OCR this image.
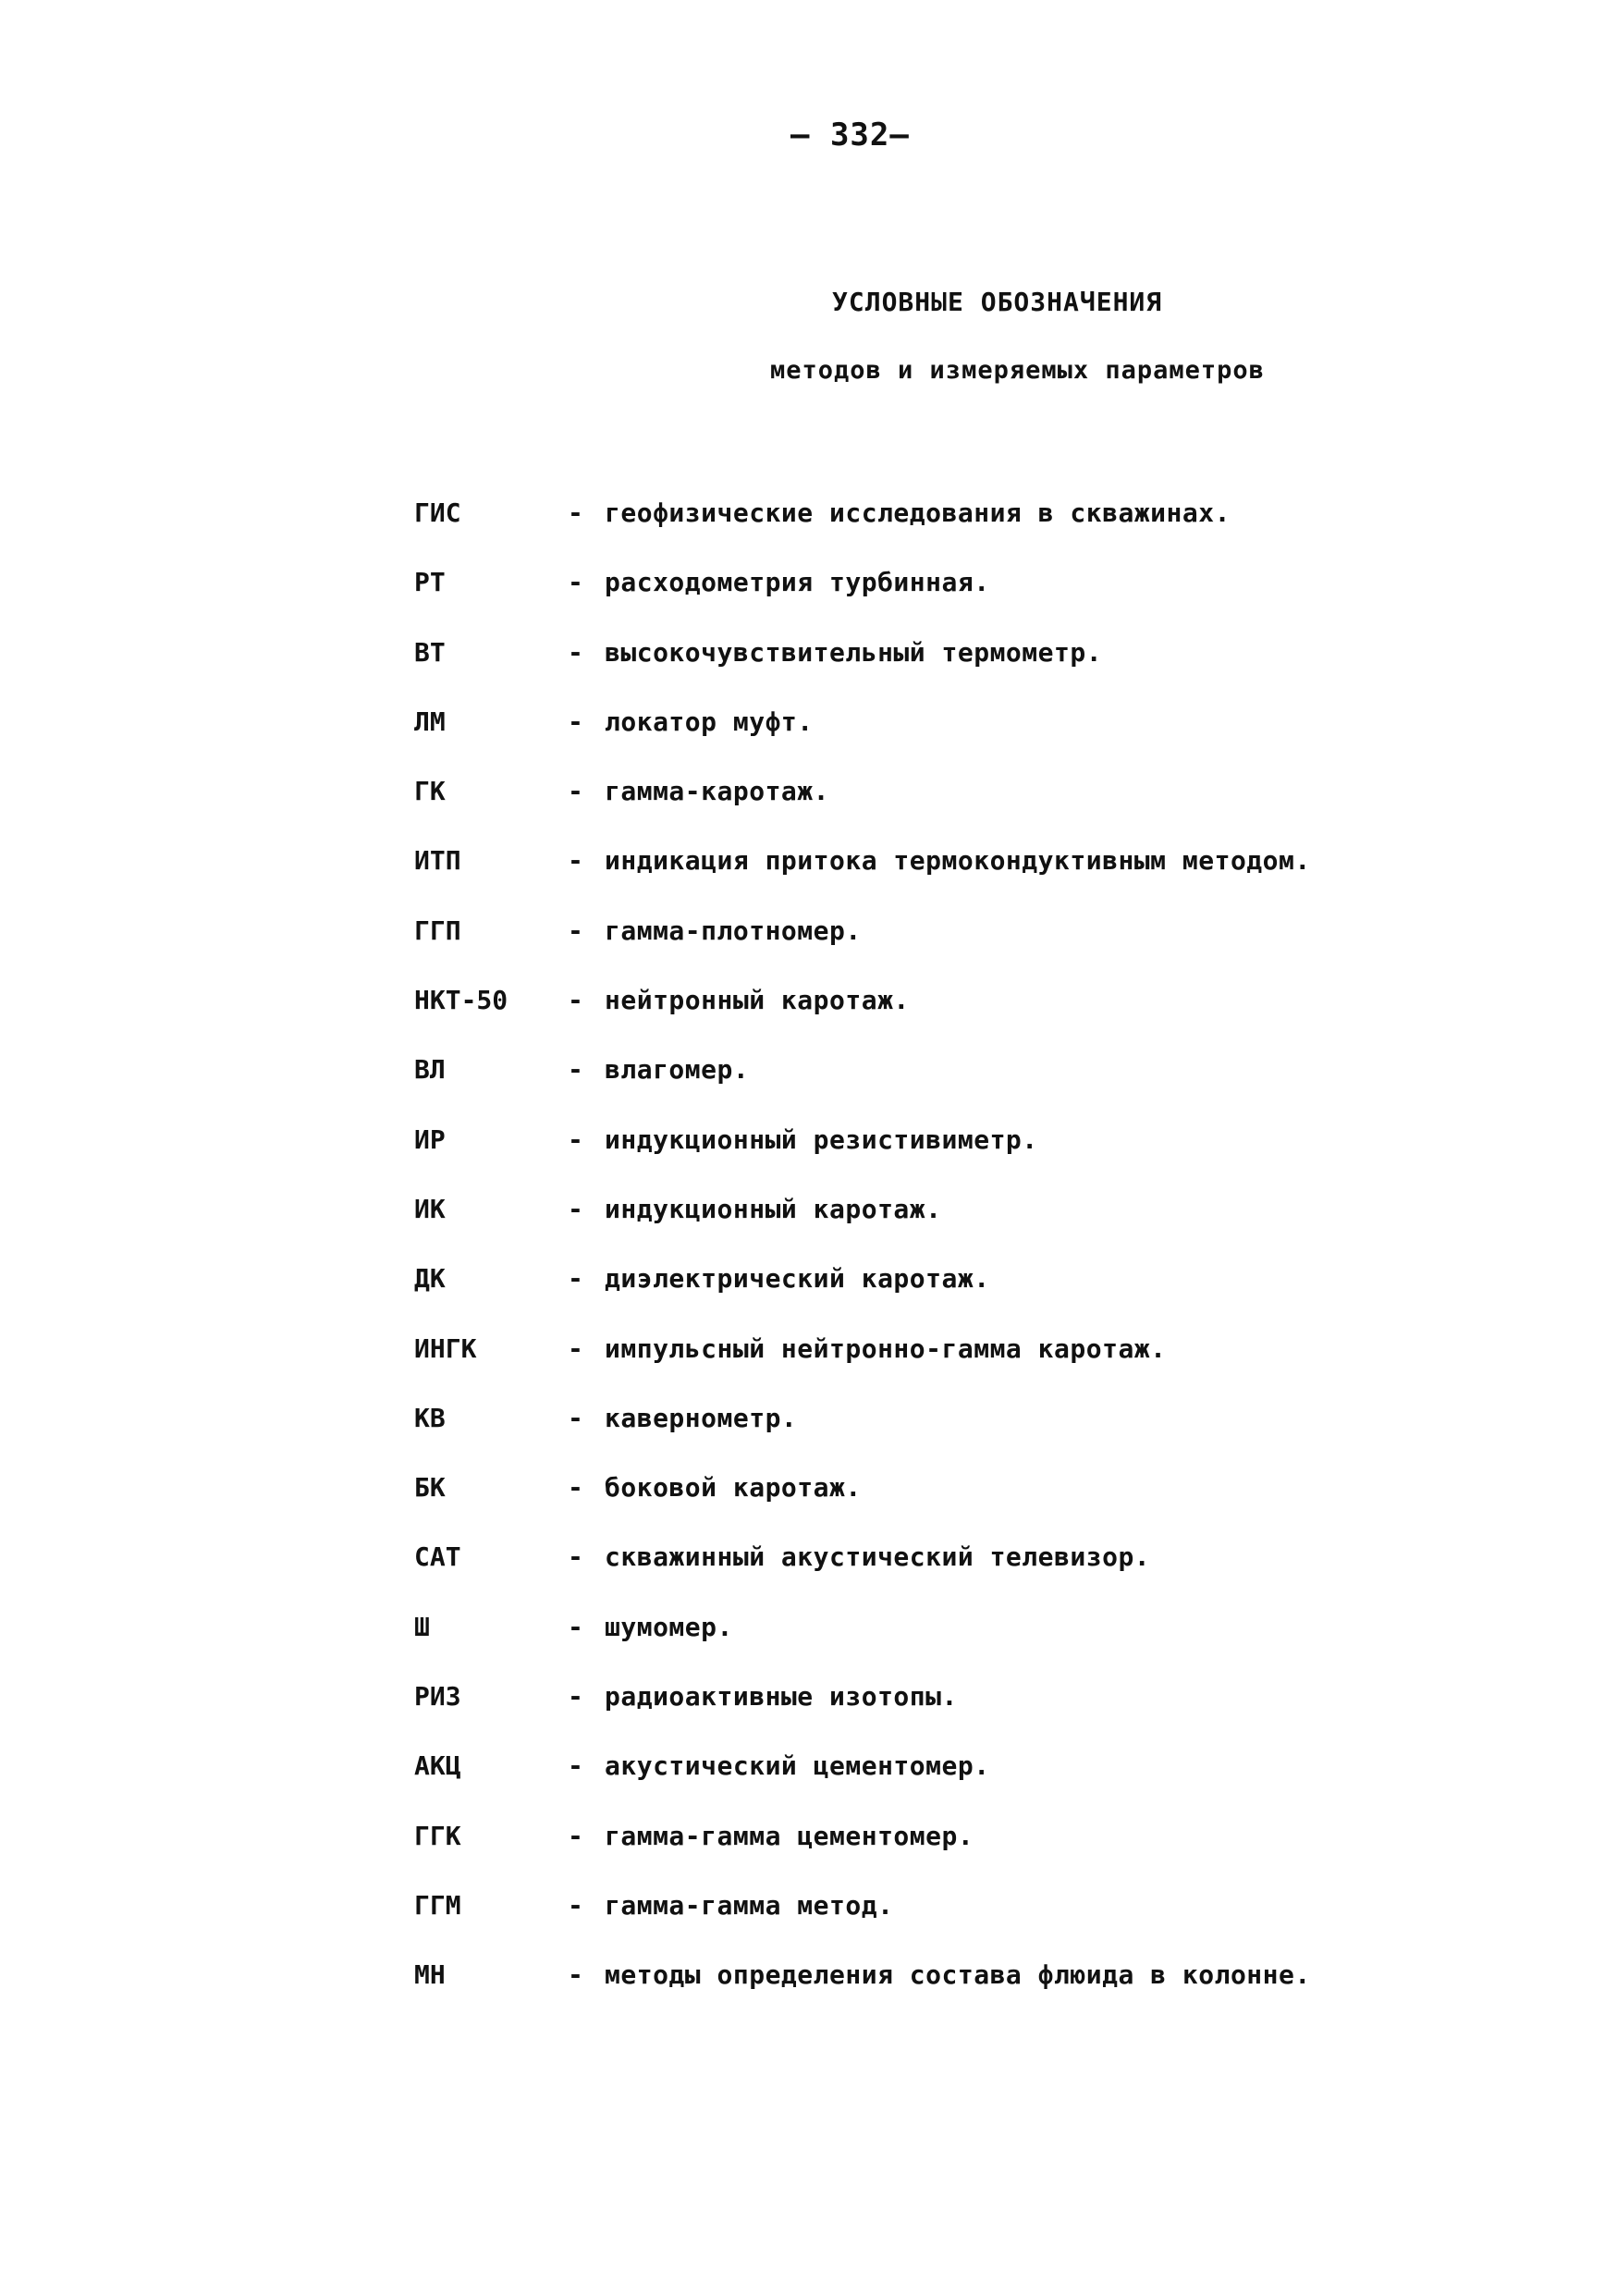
– 332–
УСЛОВНЫЕ ОБОЗНАЧЕНИЯ
методов и измеряемых параметров
ГИС	- геофизические исследования в скважинах.
РТ	- расходометрия турбинная.
ВТ	- высокочувствительный термометр.
ЛМ	- локатор муфт.
ГК	- гамма-каротаж.
ИТП	- индикация притока термокондуктивным методом.
ГГП	- гамма-плотномер.
НКТ-50 - нейтронный каротаж.
ВЛ	- влагомер.
ИР	- индукционный резистивиметр.
ИК	- индукционный каротаж.
ДК	- диэлектрический каротаж.
ИНГК	- импульсный нейтронно-гамма каротаж.
КВ	- кавернометр.
БК	- боковой каротаж.
САТ	- скважинный акустический телевизор.
Ш	- шумомер.
РИЗ	- радиоактивные изотопы.
АКЦ	- акустический цементомер.
ГГК	- гамма-гамма цементомер.
ГГМ	- гамма-гамма метод.
МН	- методы определения состава флюида в колонне.
